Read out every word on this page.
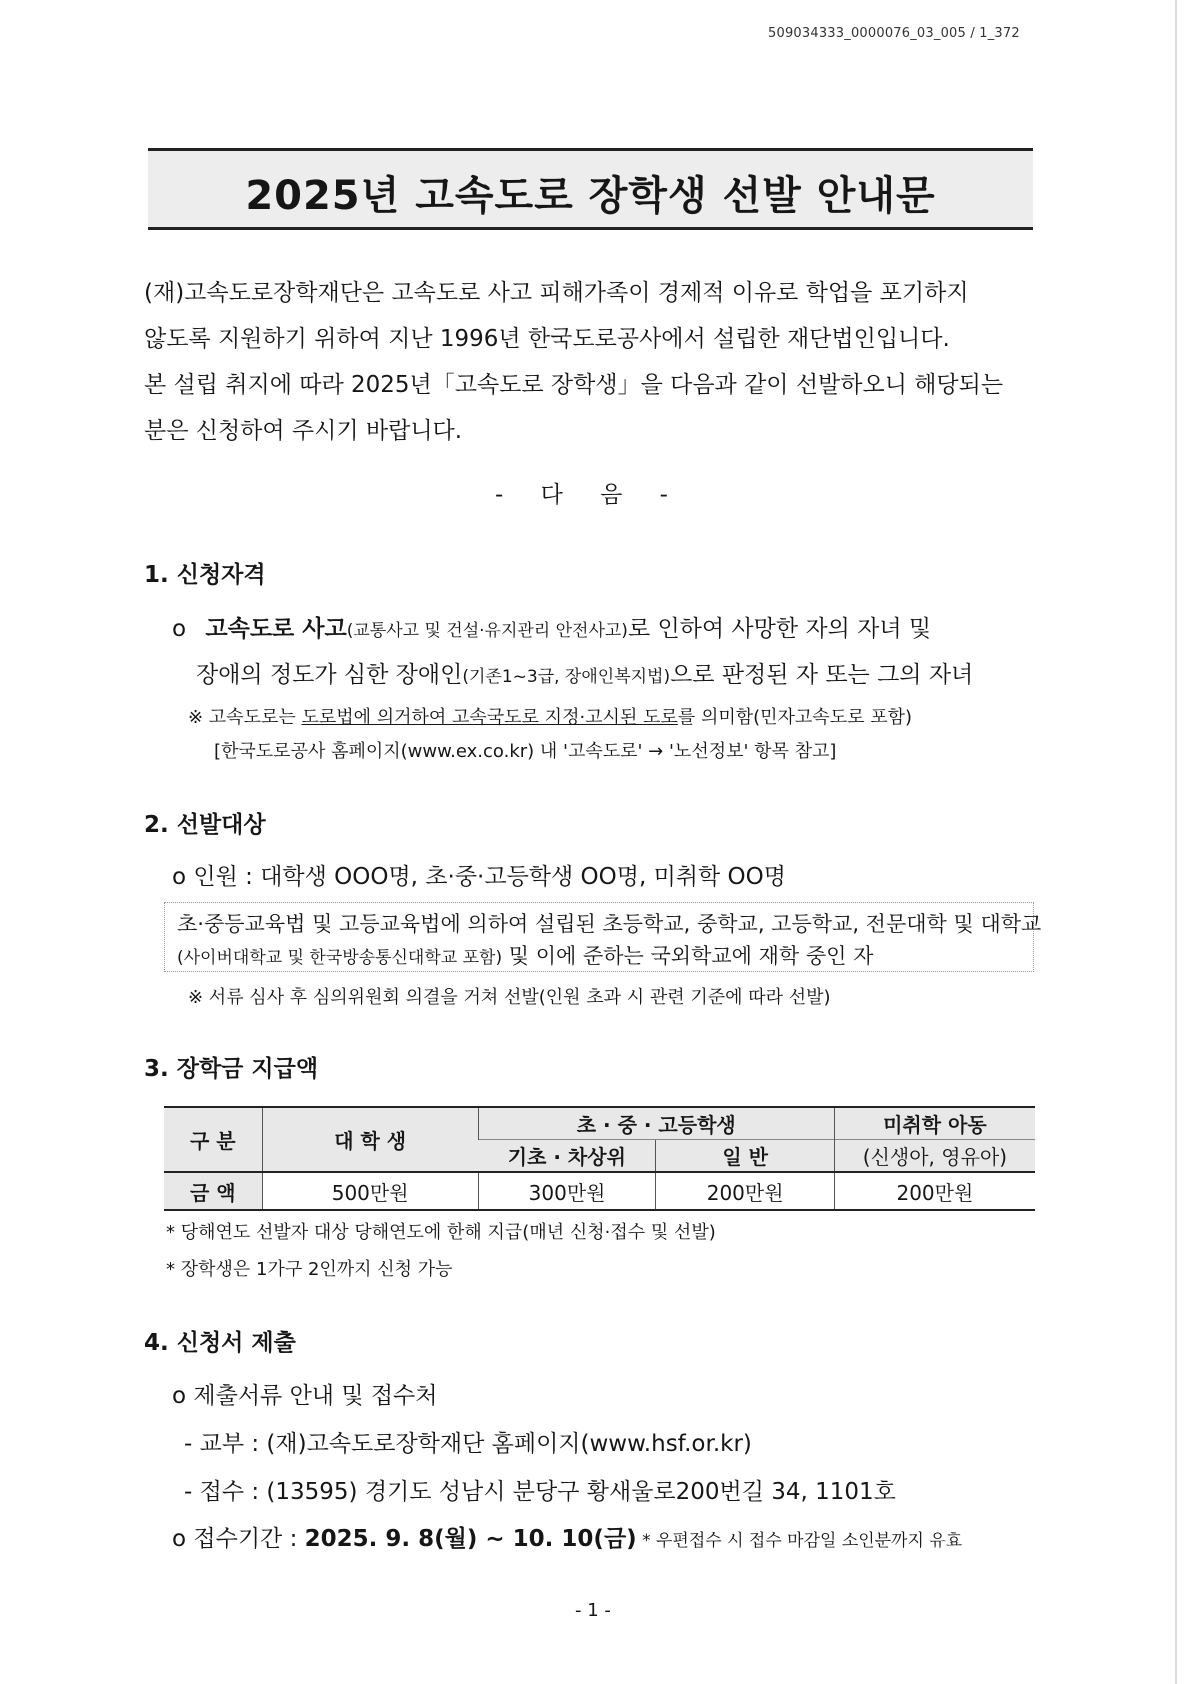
509034333_0000076_03_005 / 1_372
2025년 고속도로 장학생 선발 안내문

(재)고속도로장학재단은 고속도로 사고 피해가족이 경제적 이유로 학업을 포기하지

않도록 지원하기 위하여 지난 1996년 한국도로공사에서 설립한 재단법인입니다.

본 설립 취지에 따라 2025년「고속도로 장학생」을 다음과 같이 선발하오니 해당되는

분은 신청하여 주시기 바랍니다.

- 다 음 -
1. 신청자격
o 고속도로 사고(교통사고 및 건설·유지관리 안전사고)로 인하여 사망한 자의 자녀 및
장애의 정도가 심한 장애인(기존1~3급, 장애인복지법)으로 판정된 자 또는 그의 자녀
※ 고속도로는 도로법에 의거하여 고속국도로 지정·고시된 도로를 의미함(민자고속도로 포함)
[한국도로공사 홈페이지(www.ex.co.kr) 내 '고속도로' → '노선정보' 항목 참고]
2. 선발대상
o 인원 : 대학생 OOO명, 초·중·고등학생 OO명, 미취학 OO명
초·중등교육법 및 고등교육법에 의하여 설립된 초등학교, 중학교, 고등학교, 전문대학 및 대학교
(사이버대학교 및 한국방송통신대학교 포함) 및 이에 준하는 국외학교에 재학 중인 자
※ 서류 심사 후 심의위원회 의결을 거쳐 선발(인원 초과 시 관련 기준에 따라 선발)
3. 장학금 지급액
구 분	대 학 생	초 · 중 · 고등학생		미취학 아동
		기초 · 차상위	일 반	(신생아, 영유아)
금 액	500만원	300만원	200만원	200만원
* 당해연도 선발자 대상 당해연도에 한해 지급(매년 신청·접수 및 선발)
* 장학생은 1가구 2인까지 신청 가능
4. 신청서 제출
o 제출서류 안내 및 접수처
- 교부 : (재)고속도로장학재단 홈페이지(www.hsf.or.kr)
- 접수 : (13595) 경기도 성남시 분당구 황새울로200번길 34, 1101호
o 접수기간 : 2025. 9. 8(월) ~ 10. 10(금) * 우편접수 시 접수 마감일 소인분까지 유효
- 1 -
